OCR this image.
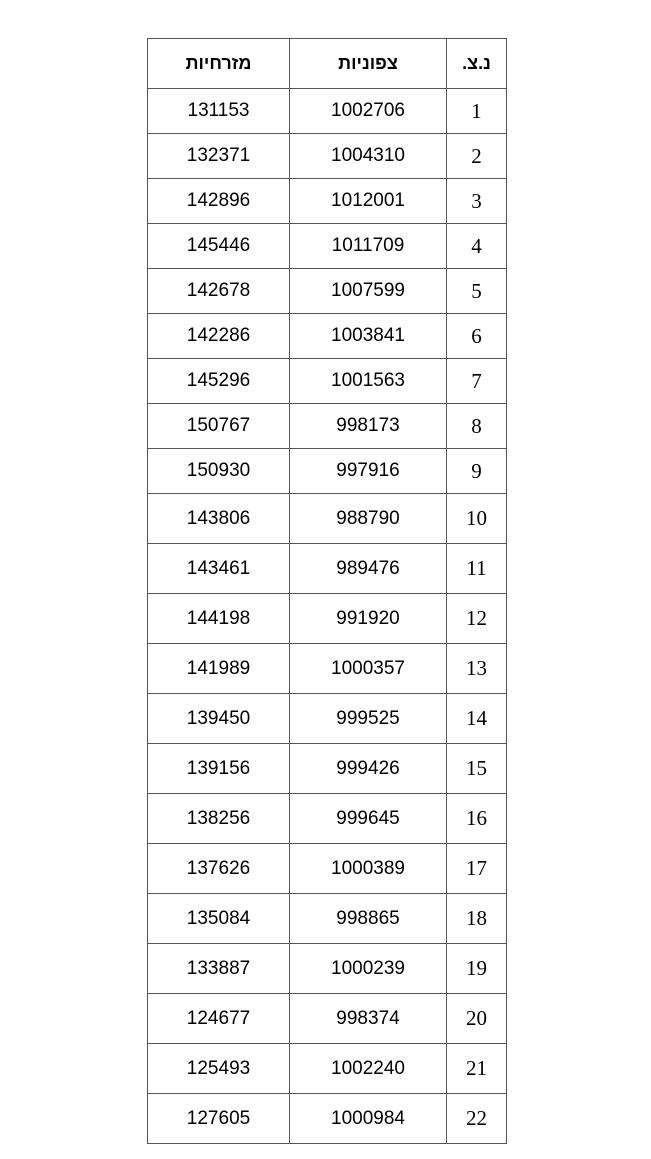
נ.צ.	צפוניות	מזרחיות
1	1002706	131153
2	1004310	132371
3	1012001	142896
4	1011709	145446
5	1007599	142678
6	1003841	142286
7	1001563	145296
8	998173	150767
9	997916	150930
10	988790	143806
11	989476	143461
12	991920	144198
13	1000357	141989
14	999525	139450
15	999426	139156
16	999645	138256
17	1000389	137626
18	998865	135084
19	1000239	133887
20	998374	124677
21	1002240	125493
22	1000984	127605
